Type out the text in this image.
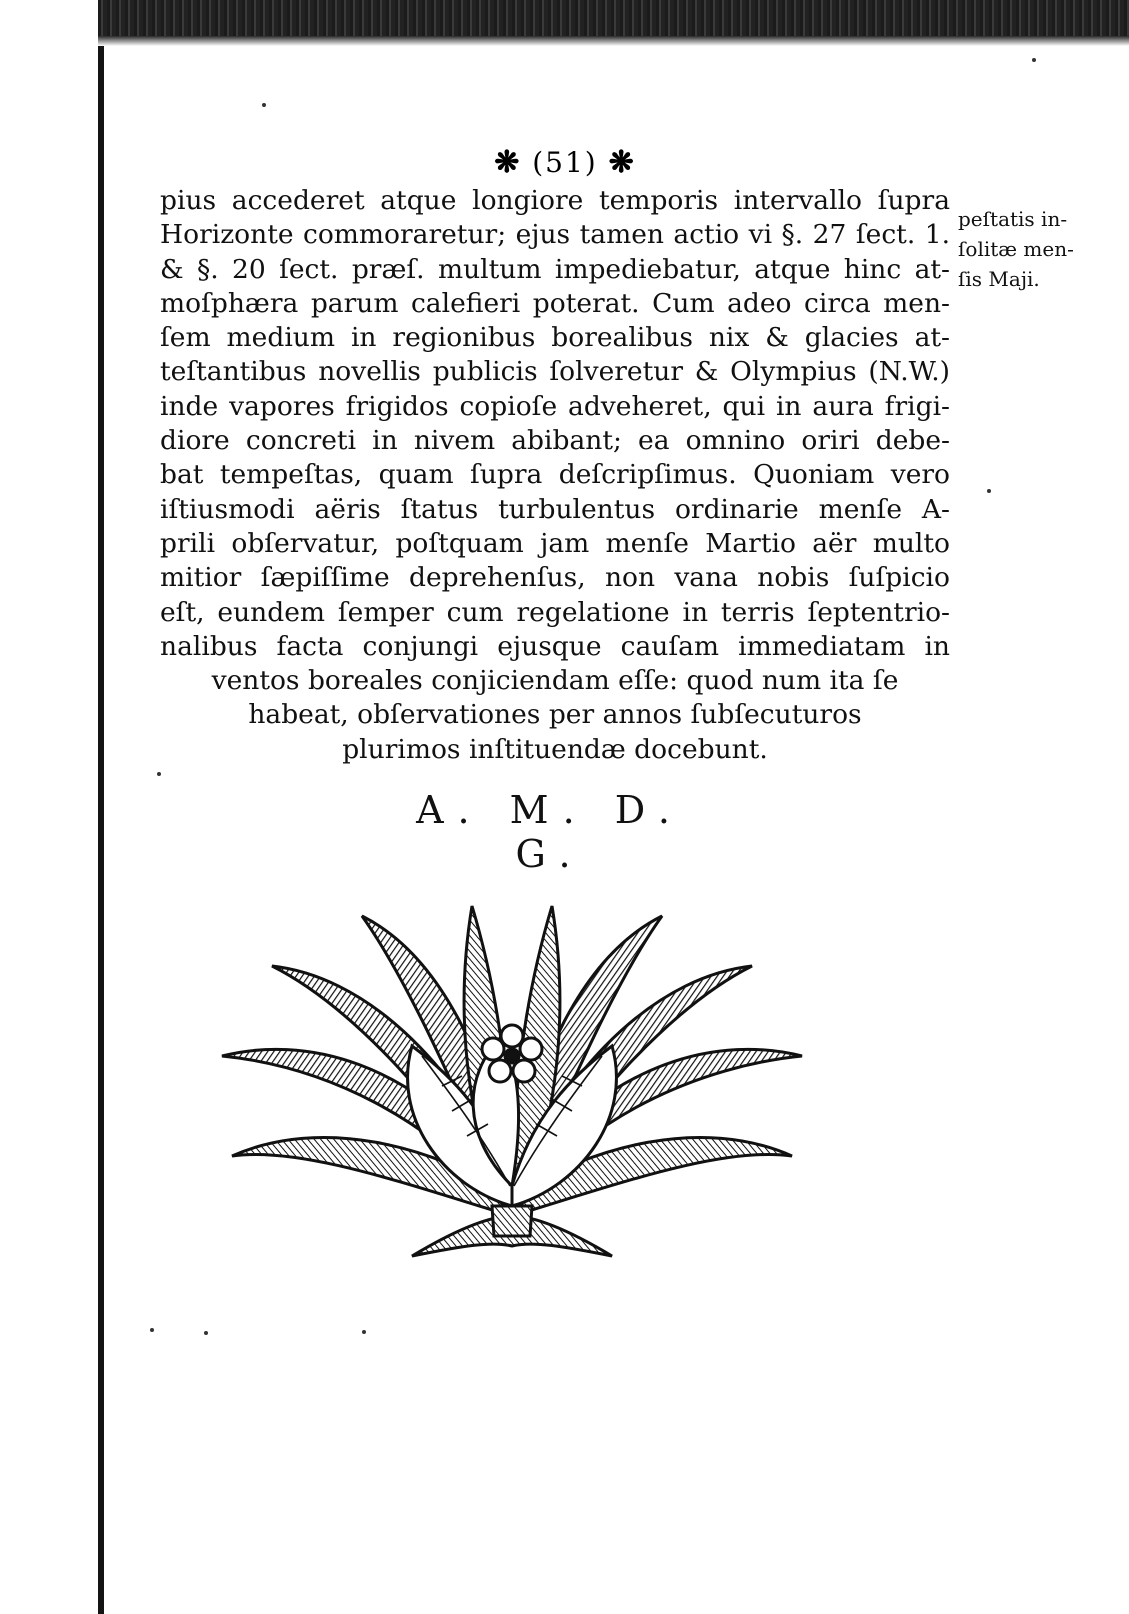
❋ (51) ❋
pius accederet atque longiore temporis intervallo ſupra
Horizonte commoraretur; ejus tamen actio vi §. 27 ſect. 1.
& §. 20 ſect. præſ. multum impediebatur, atque hinc at-
moſphæra parum calefieri poterat. Cum adeo circa men-
ſem medium in regionibus borealibus nix & glacies at-
teſtantibus novellis publicis ſolveretur & Olympius (N.W.)
inde vapores frigidos copioſe adveheret, qui in aura frigi-
diore concreti in nivem abibant; ea omnino oriri debe-
bat tempeſtas, quam ſupra deſcripſimus. Quoniam vero
iſtiusmodi aëris ſtatus turbulentus ordinarie menſe A-
prili obſervatur, poſtquam jam menſe Martio aër multo
mitior ſæpiſſime deprehenſus, non vana nobis ſuſpicio
eſt, eundem ſemper cum regelatione in terris ſeptentrio-
nalibus facta conjungi ejusque cauſam immediatam in
ventos boreales conjiciendam eſſe: quod num ita ſe
habeat, obſervationes per annos ſubſecuturos
plurimos inſtituendæ docebunt.
peſtatis in-
ſolitæ men-
ſis Maji.
A. M. D. G.
